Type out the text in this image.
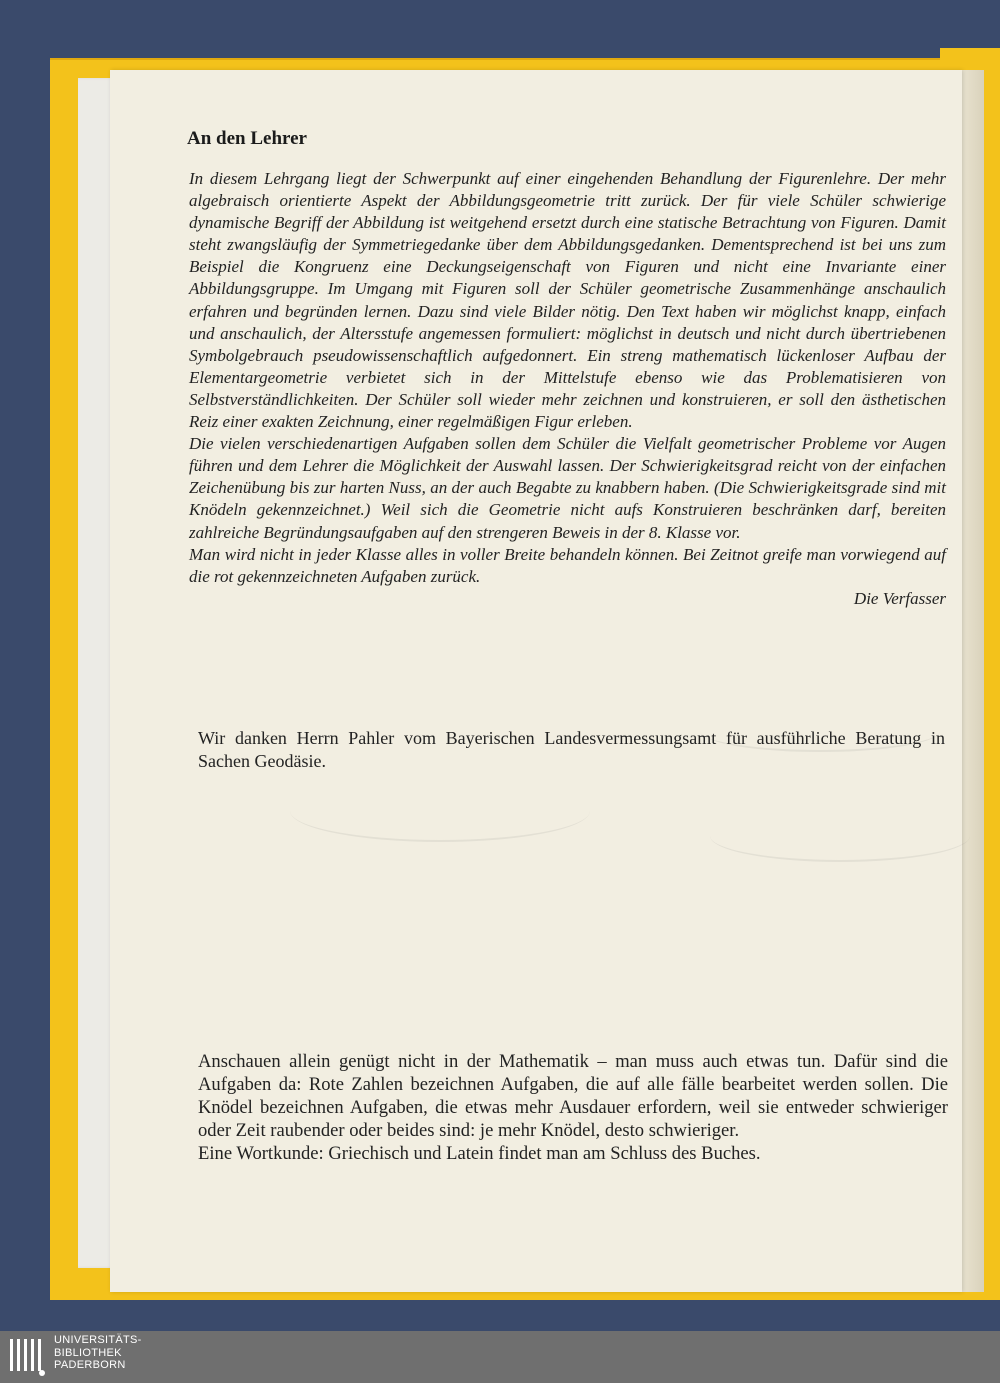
An den Lehrer

In diesem Lehrgang liegt der Schwerpunkt auf einer eingehenden Behandlung der Figurenlehre. Der mehr algebraisch orientierte Aspekt der Abbildungsgeometrie tritt zurück. Der für viele Schüler schwierige dynamische Begriff der Abbildung ist weitgehend ersetzt durch eine statische Betrachtung von Figuren. Damit steht zwangsläufig der Symmetriegedanke über dem Abbildungsgedanken. Dementsprechend ist bei uns zum Beispiel die Kongruenz eine Deckungseigenschaft von Figuren und nicht eine Invariante einer Abbildungsgruppe. Im Umgang mit Figuren soll der Schüler geometrische Zusammenhänge anschaulich erfahren und begründen lernen. Dazu sind viele Bilder nötig. Den Text haben wir möglichst knapp, einfach und anschaulich, der Altersstufe angemessen formuliert: möglichst in deutsch und nicht durch übertriebenen Symbolgebrauch pseudowissenschaftlich aufgedonnert. Ein streng mathematisch lückenloser Aufbau der Elementargeometrie verbietet sich in der Mittelstufe ebenso wie das Problematisieren von Selbstverständlichkeiten. Der Schüler soll wieder mehr zeichnen und konstruieren, er soll den ästhetischen Reiz einer exakten Zeichnung, einer regelmäßigen Figur erleben.

Die vielen verschiedenartigen Aufgaben sollen dem Schüler die Vielfalt geometrischer Probleme vor Augen führen und dem Lehrer die Möglichkeit der Auswahl lassen. Der Schwierigkeitsgrad reicht von der einfachen Zeichenübung bis zur harten Nuss, an der auch Begabte zu knabbern haben. (Die Schwierigkeitsgrade sind mit Knödeln gekennzeichnet.) Weil sich die Geometrie nicht aufs Konstruieren beschränken darf, bereiten zahlreiche Begründungsaufgaben auf den strengeren Beweis in der 8. Klasse vor.

Man wird nicht in jeder Klasse alles in voller Breite behandeln können. Bei Zeitnot greife man vorwiegend auf die rot gekennzeichneten Aufgaben zurück.

Die Verfasser

Wir danken Herrn Pahler vom Bayerischen Landesvermessungsamt für ausführliche Beratung in Sachen Geodäsie.

Anschauen allein genügt nicht in der Mathematik – man muss auch etwas tun. Dafür sind die Aufgaben da: Rote Zahlen bezeichnen Aufgaben, die auf alle fälle bearbeitet werden sollen. Die Knödel bezeichnen Aufgaben, die etwas mehr Ausdauer erfordern, weil sie entweder schwieriger oder Zeit raubender oder beides sind: je mehr Knödel, desto schwieriger.

Eine Wortkunde: Griechisch und Latein findet man am Schluss des Buches.

UNIVERSITÄTS-
BIBLIOTHEK
PADERBORN
